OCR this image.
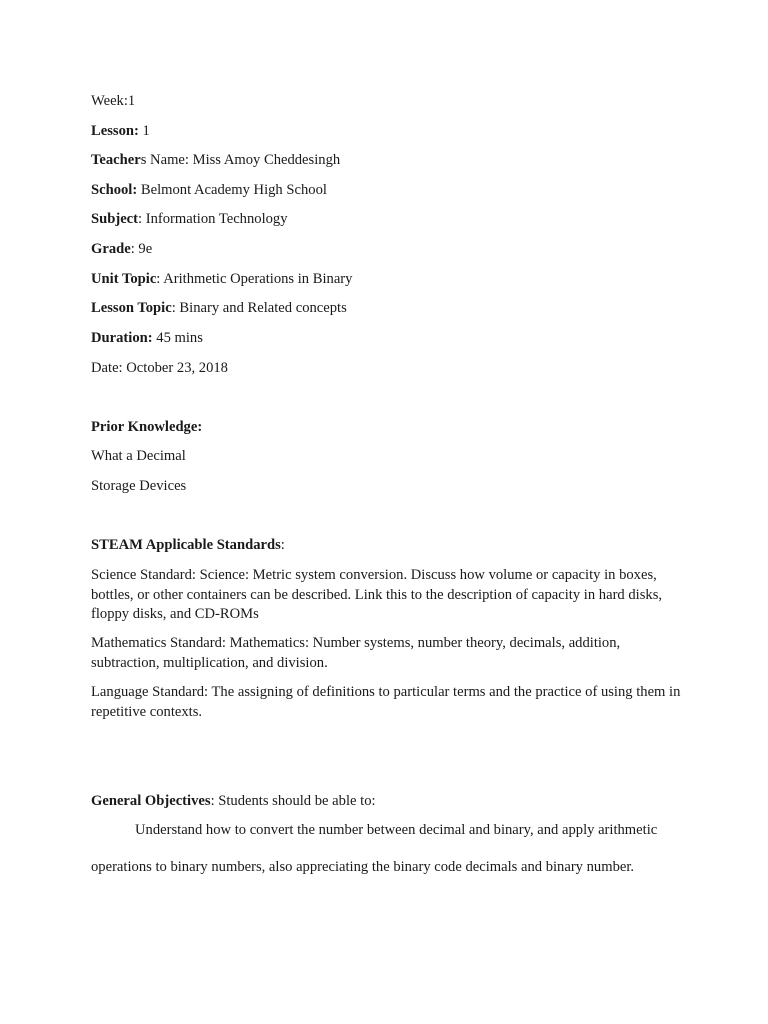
Week:1
Lesson: 1
Teachers Name: Miss Amoy Cheddesingh
School: Belmont Academy High School
Subject: Information Technology
Grade: 9e
Unit Topic: Arithmetic Operations in Binary
Lesson Topic: Binary and Related concepts
Duration: 45 mins
Date: October 23, 2018
Prior Knowledge:
What a Decimal
Storage Devices
STEAM Applicable Standards:
Science Standard: Science: Metric system conversion. Discuss how volume or capacity in boxes, bottles, or other containers can be described. Link this to the description of capacity in hard disks, floppy disks, and CD-ROMs
Mathematics Standard: Mathematics: Number systems, number theory, decimals, addition, subtraction, multiplication, and division.
Language Standard: The assigning of definitions to particular terms and the practice of using them in repetitive contexts.
General Objectives: Students should be able to:
Understand how to convert the number between decimal and binary, and apply arithmetic
operations to binary numbers, also appreciating the binary code decimals and binary number.
